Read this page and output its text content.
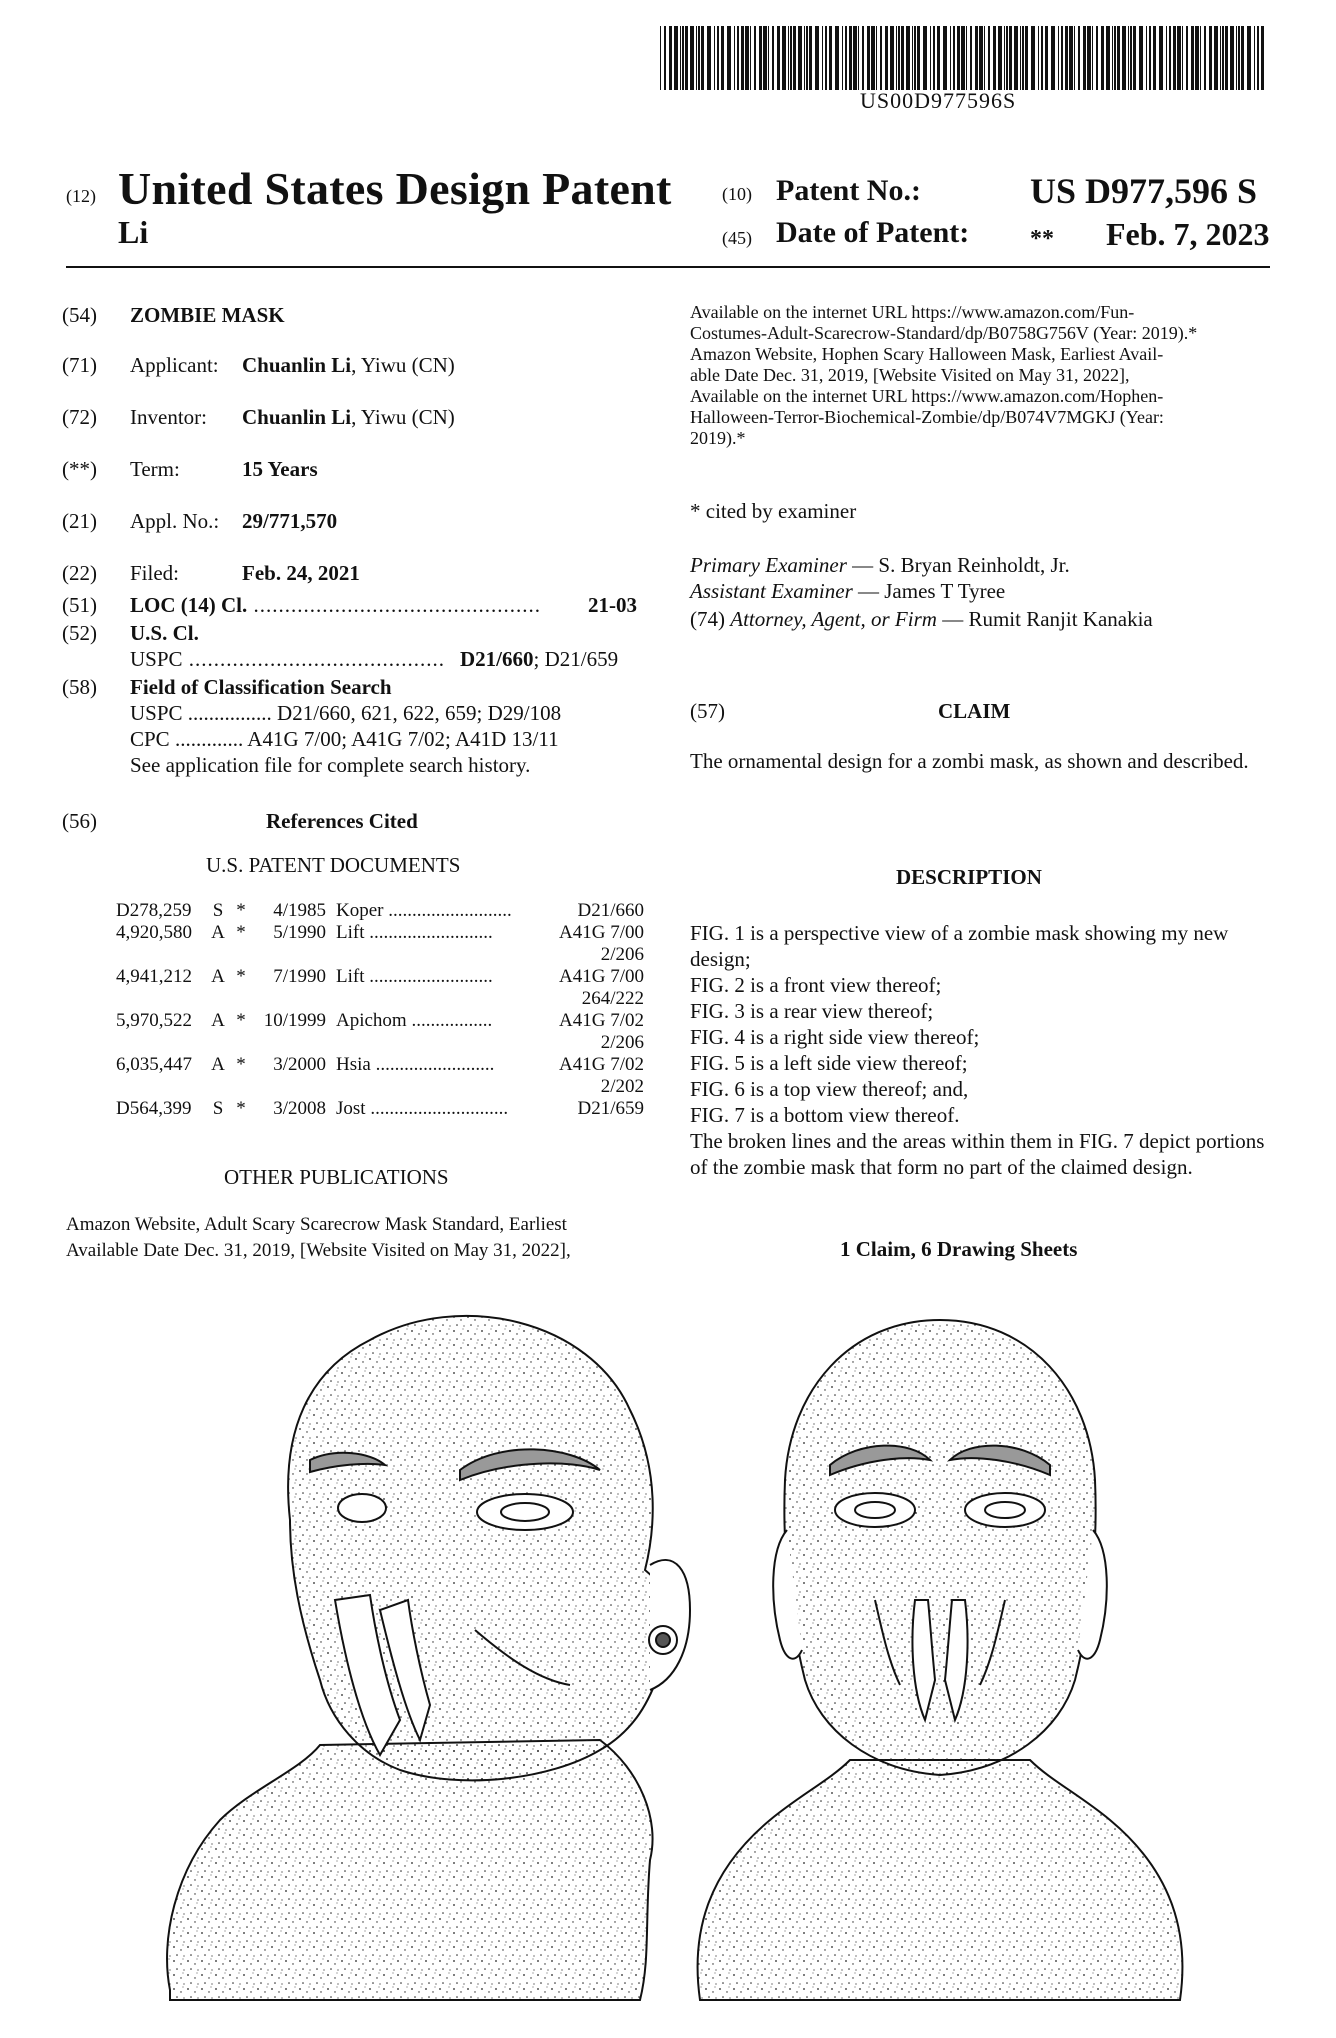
US00D977596S
(12) United States Design Patent
Li
(10) Patent No.:	US D977,596 S
(45) Date of Patent:	** Feb. 7, 2023
(54)	ZOMBIE MASK
(71)	Applicant: Chuanlin Li, Yiwu (CN)
(72)	Inventor: Chuanlin Li, Yiwu (CN)
(**)	Term:	15 Years
(21)	Appl. No.: 29/771,570
(22)	Filed:	Feb. 24, 2021
(51)	LOC (14) Cl. .............................................. 21-03
(52)	U.S. Cl.
USPC ......................................... D21/660; D21/659
(58)	Field of Classification Search
USPC ................ D21/660, 621, 622, 659; D29/108
CPC ............. A41G 7/00; A41G 7/02; A41D 13/11
See application file for complete search history.
(56)	References Cited
U.S. PATENT DOCUMENTS
D278,259	S	*	4/1985	Koper ..........................	D21/660
4,920,580	A	*	5/1990	Lift ..........................	A41G 7/00
2/206					
4,941,212	A	*	7/1990	Lift ..........................	A41G 7/00
264/222					
5,970,522	A	*	10/1999	Apichom .................	A41G 7/02
2/206					
6,035,447	A	*	3/2000	Hsia .........................	A41G 7/02
2/202					
D564,399	S	*	3/2008	Jost .............................	D21/659
OTHER PUBLICATIONS
Amazon Website, Adult Scary Scarecrow Mask Standard, Earliest
Available Date Dec. 31, 2019, [Website Visited on May 31, 2022],
Available on the internet URL https://www.amazon.com/Fun-
Costumes-Adult-Scarecrow-Standard/dp/B0758G756V (Year: 2019).*
Amazon Website, Hophen Scary Halloween Mask, Earliest Avail-
able Date Dec. 31, 2019, [Website Visited on May 31, 2022],
Available on the internet URL https://www.amazon.com/Hophen-
Halloween-Terror-Biochemical-Zombie/dp/B074V7MGKJ (Year:
2019).*
* cited by examiner
Primary Examiner — S. Bryan Reinholdt, Jr.
Assistant Examiner — James T Tyree
(74) Attorney, Agent, or Firm — Rumit Ranjit Kanakia
(57)	CLAIM
The ornamental design for a zombi mask, as shown and described.
DESCRIPTION
FIG. 1 is a perspective view of a zombie mask showing my new design;
FIG. 2 is a front view thereof;
FIG. 3 is a rear view thereof;
FIG. 4 is a right side view thereof;
FIG. 5 is a left side view thereof;
FIG. 6 is a top view thereof; and,
FIG. 7 is a bottom view thereof.
The broken lines and the areas within them in FIG. 7 depict portions of the zombie mask that form no part of the claimed design.
1 Claim, 6 Drawing Sheets
